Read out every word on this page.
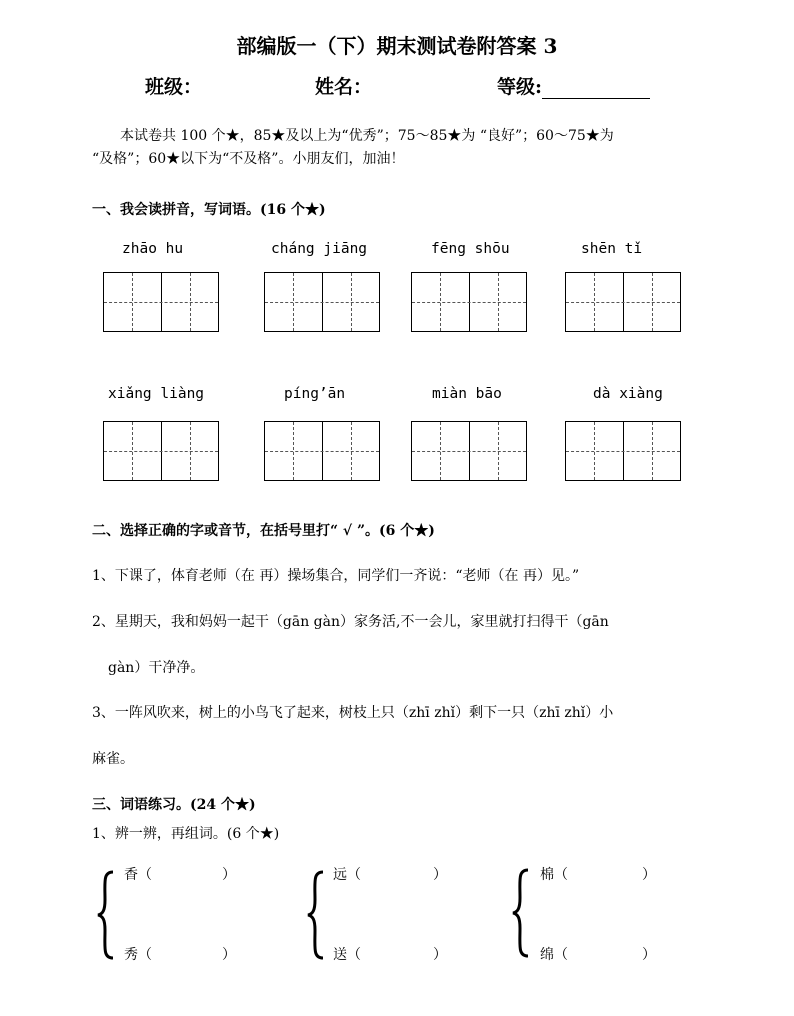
部编版一（下）期末测试卷附答案 3
班级：	姓名：	等级:
本试卷共 100 个★，85★及以上为“优秀”；75～85★为 “良好”；60～75★为
“及格”；60★以下为“不及格”。小朋友们，加油！
一、我会读拼音，写词语。(16 个★)
zhāo hu	cháng jiāng	fēng shōu	shēn tǐ
xiǎng liàng	píng’ān	miàn bāo	dà xiàng
二、选择正确的字或音节，在括号里打“ √ ”。(6 个★)
1、下课了，体育老师（在 再）操场集合，同学们一齐说：“老师（在 再）见。”
2、星期天，我和妈妈一起干（gān gàn）家务活,不一会儿，家里就打扫得干（gān
gàn）干净净。
3、一阵风吹来，树上的小鸟飞了起来，树枝上只（zhī zhǐ）剩下一只（zhī zhǐ）小
麻雀。
三、词语练习。(24 个★)
1、辨一辨，再组词。(6 个★)
香（	）
秀（	）
远（	）
送（	）
棉（	）
绵（	）
